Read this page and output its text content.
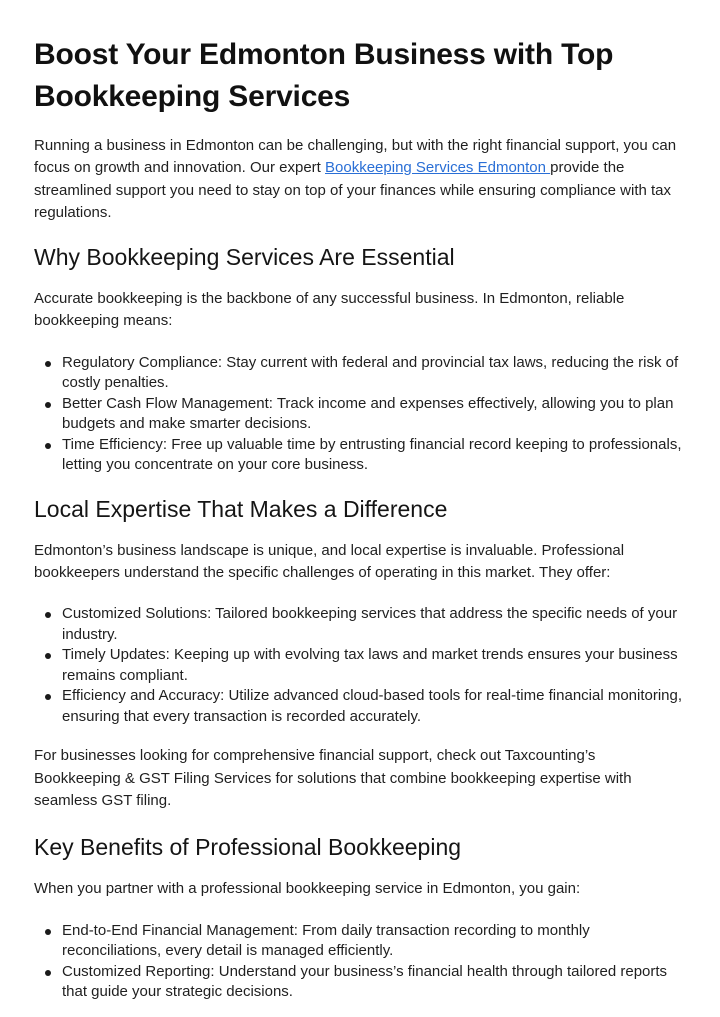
Boost Your Edmonton Business with Top Bookkeeping Services

Running a business in Edmonton can be challenging, but with the right financial support, you can focus on growth and innovation. Our expert Bookkeeping Services Edmonton provide the streamlined support you need to stay on top of your finances while ensuring compliance with tax regulations.

Why Bookkeeping Services Are Essential

Accurate bookkeeping is the backbone of any successful business. In Edmonton, reliable bookkeeping means:

Regulatory Compliance: Stay current with federal and provincial tax laws, reducing the risk of costly penalties.
Better Cash Flow Management: Track income and expenses effectively, allowing you to plan budgets and make smarter decisions.
Time Efficiency: Free up valuable time by entrusting financial record keeping to professionals, letting you concentrate on your core business.
Local Expertise That Makes a Difference

Edmonton’s business landscape is unique, and local expertise is invaluable. Professional bookkeepers understand the specific challenges of operating in this market. They offer:

Customized Solutions: Tailored bookkeeping services that address the specific needs of your industry.
Timely Updates: Keeping up with evolving tax laws and market trends ensures your business remains compliant.
Efficiency and Accuracy: Utilize advanced cloud-based tools for real-time financial monitoring, ensuring that every transaction is recorded accurately.

For businesses looking for comprehensive financial support, check out Taxcounting’s Bookkeeping & GST Filing Services for solutions that combine bookkeeping expertise with seamless GST filing.

Key Benefits of Professional Bookkeeping

When you partner with a professional bookkeeping service in Edmonton, you gain:

End-to-End Financial Management: From daily transaction recording to monthly reconciliations, every detail is managed efficiently.
Customized Reporting: Understand your business’s financial health through tailored reports that guide your strategic decisions.
